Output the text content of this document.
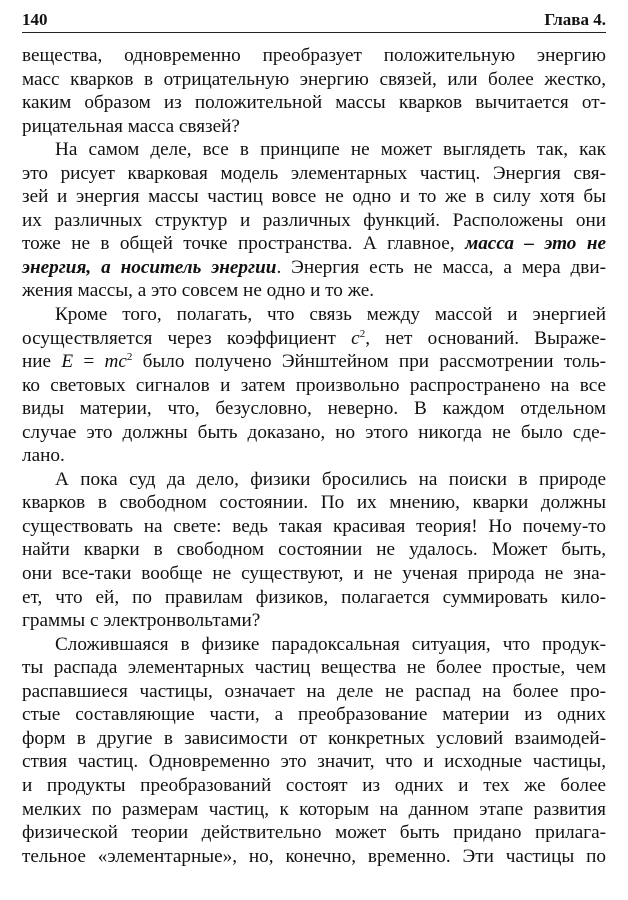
140	Глава 4.
вещества, одновременно преобразует положительную энергию
масс кварков в отрицательную энергию связей, или более жестко,
каким образом из положительной массы кварков вычитается от-
рицательная масса связей?
На самом деле, все в принципе не может выглядеть так, как
это рисует кварковая модель элементарных частиц. Энергия свя-
зей и энергия массы частиц вовсе не одно и то же в силу хотя бы
их различных структур и различных функций. Расположены они
тоже не в общей точке пространства. А главное, масса – это не
энергия, а носитель энергии. Энергия есть не масса, а мера дви-
жения массы, а это совсем не одно и то же.
Кроме того, полагать, что связь между массой и энергией
осуществляется через коэффициент $c^2$, нет оснований. Выраже-
ние $E = mc^2$ было получено Эйнштейном при рассмотрении толь-
ко световых сигналов и затем произвольно распространено на все
виды материи, что, безусловно, неверно. В каждом отдельном
случае это должны быть доказано, но этого никогда не было сде-
лано.
А пока суд да дело, физики бросились на поиски в природе
кварков в свободном состоянии. По их мнению, кварки должны
существовать на свете: ведь такая красивая теория! Но почему-то
найти кварки в свободном состоянии не удалось. Может быть,
они все-таки вообще не существуют, и не ученая природа не зна-
ет, что ей, по правилам физиков, полагается суммировать кило-
граммы с электронвольтами?
Сложившаяся в физике парадоксальная ситуация, что продук-
ты распада элементарных частиц вещества не более простые, чем
распавшиеся частицы, означает на деле не распад на более про-
стые составляющие части, а преобразование материи из одних
форм в другие в зависимости от конкретных условий взаимодей-
ствия частиц. Одновременно это значит, что и исходные частицы,
и продукты преобразований состоят из одних и тех же более
мелких по размерам частиц, к которым на данном этапе развития
физической теории действительно может быть придано прилага-
тельное «элементарные», но, конечно, временно. Эти частицы по
